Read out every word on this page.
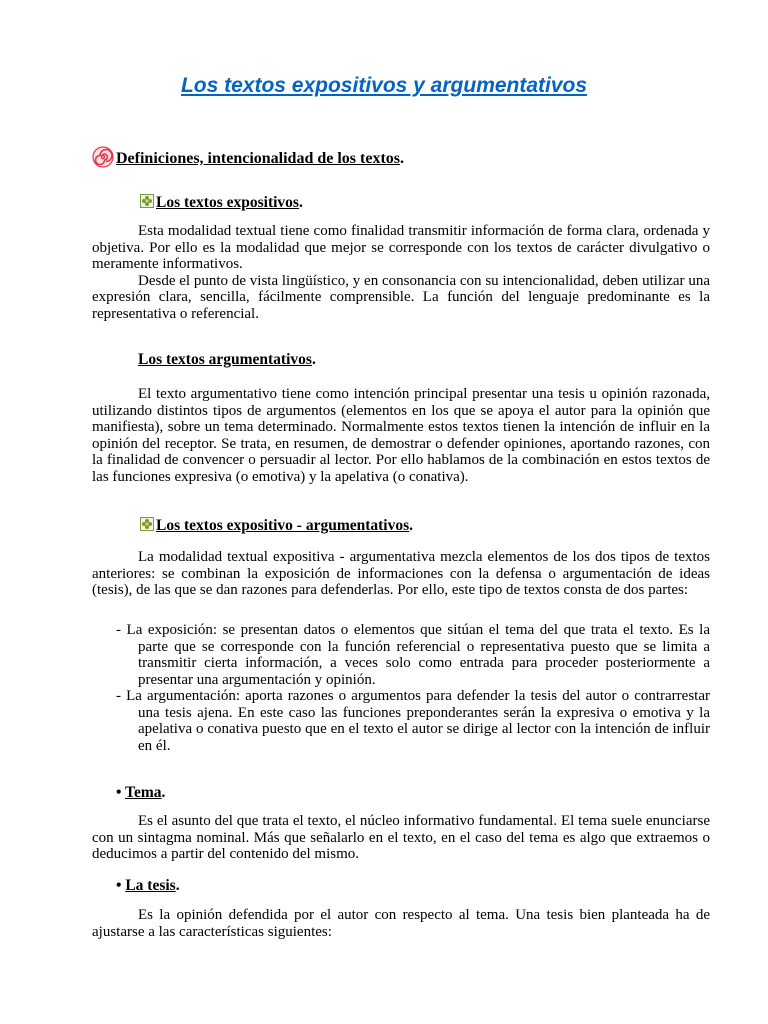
Los textos expositivos y argumentativos
Definiciones, intencionalidad de los textos.
Los textos expositivos.

Esta modalidad textual tiene como finalidad transmitir información de forma clara, ordenada y objetiva. Por ello es la modalidad que mejor se corresponde con los textos de carácter divulgativo o meramente informativos.

Desde el punto de vista lingüístico, y en consonancia con su intencionalidad, deben utilizar una expresión clara, sencilla, fácilmente comprensible. La función del lenguaje predominante es la representativa o referencial.

Los textos argumentativos.

El texto argumentativo tiene como intención principal presentar una tesis u opinión razonada, utilizando distintos tipos de argumentos (elementos en los que se apoya el autor para la opinión que manifiesta), sobre un tema determinado. Normalmente estos textos tienen la intención de influir en la opinión del receptor. Se trata, en resumen, de demostrar o defender opiniones, aportando razones, con la finalidad de convencer o persuadir al lector. Por ello hablamos de la combinación en estos textos de las funciones expresiva (o emotiva) y la apelativa (o conativa).

Los textos expositivo - argumentativos.

La modalidad textual expositiva - argumentativa mezcla elementos de los dos tipos de textos anteriores: se combinan la exposición de informaciones con la defensa o argumentación de ideas (tesis), de las que se dan razones para defenderlas. Por ello, este tipo de textos consta de dos partes:

- La exposición: se presentan datos o elementos que sitúan el tema del que trata el texto. Es la parte que se corresponde con la función referencial o representativa puesto que se limita a transmitir cierta información, a veces solo como entrada para proceder posteriormente a presentar una argumentación y opinión.
- La argumentación: aporta razones o argumentos para defender la tesis del autor o contrarrestar una tesis ajena. En este caso las funciones preponderantes serán la expresiva o emotiva y la apelativa o conativa puesto que en el texto el autor se dirige al lector con la intención de influir en él.
• Tema.

Es el asunto del que trata el texto, el núcleo informativo fundamental. El tema suele enunciarse con un sintagma nominal. Más que señalarlo en el texto, en el caso del tema es algo que extraemos o deducimos a partir del contenido del mismo.

• La tesis.

Es la opinión defendida por el autor con respecto al tema. Una tesis bien planteada ha de ajustarse a las características siguientes:
